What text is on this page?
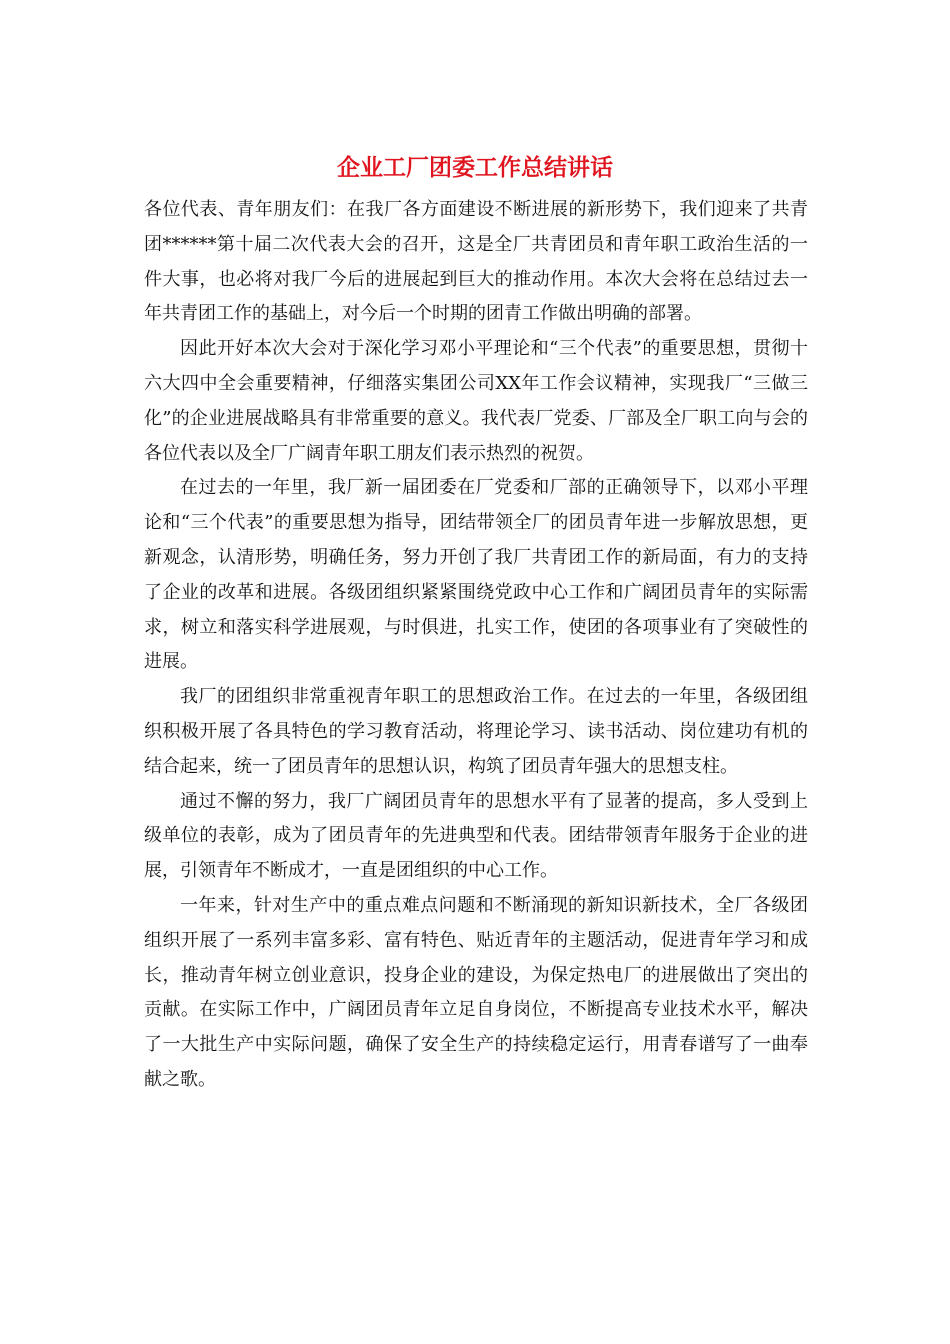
企业工厂团委工作总结讲话

各位代表、青年朋友们：在我厂各方面建设不断进展的新形势下，我们迎来了共青团******第十届二次代表大会的召开，这是全厂共青团员和青年职工政治生活的一件大事，也必将对我厂今后的进展起到巨大的推动作用。本次大会将在总结过去一年共青团工作的基础上，对今后一个时期的团青工作做出明确的部署。

因此开好本次大会对于深化学习邓小平理论和“三个代表”的重要思想，贯彻十六大四中全会重要精神，仔细落实集团公司XX年工作会议精神，实现我厂“三做三化”的企业进展战略具有非常重要的意义。我代表厂党委、厂部及全厂职工向与会的各位代表以及全厂广阔青年职工朋友们表示热烈的祝贺。

在过去的一年里，我厂新一届团委在厂党委和厂部的正确领导下，以邓小平理论和“三个代表”的重要思想为指导，团结带领全厂的团员青年进一步解放思想，更新观念，认清形势，明确任务，努力开创了我厂共青团工作的新局面，有力的支持了企业的改革和进展。各级团组织紧紧围绕党政中心工作和广阔团员青年的实际需求，树立和落实科学进展观，与时俱进，扎实工作，使团的各项事业有了突破性的进展。

我厂的团组织非常重视青年职工的思想政治工作。在过去的一年里，各级团组织积极开展了各具特色的学习教育活动，将理论学习、读书活动、岗位建功有机的结合起来，统一了团员青年的思想认识，构筑了团员青年强大的思想支柱。

通过不懈的努力，我厂广阔团员青年的思想水平有了显著的提高，多人受到上级单位的表彰，成为了团员青年的先进典型和代表。团结带领青年服务于企业的进展，引领青年不断成才，一直是团组织的中心工作。

一年来，针对生产中的重点难点问题和不断涌现的新知识新技术，全厂各级团组织开展了一系列丰富多彩、富有特色、贴近青年的主题活动，促进青年学习和成长，推动青年树立创业意识，投身企业的建设，为保定热电厂的进展做出了突出的贡献。在实际工作中，广阔团员青年立足自身岗位，不断提高专业技术水平，解决了一大批生产中实际问题，确保了安全生产的持续稳定运行，用青春谱写了一曲奉献之歌。
